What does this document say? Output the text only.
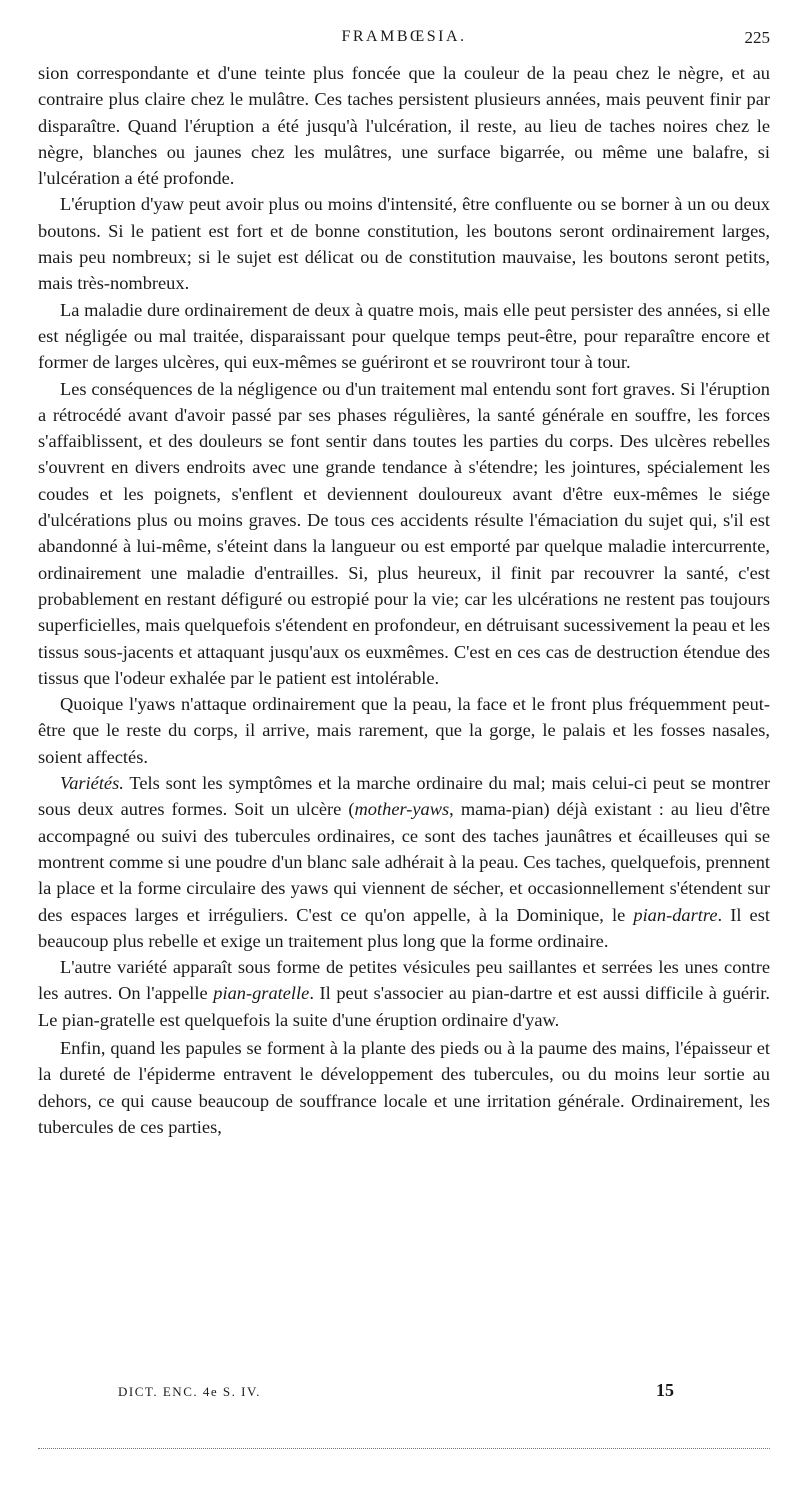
FRAMBŒSIA.	225

sion correspondante et d'une teinte plus foncée que la couleur de la peau chez le nègre, et au contraire plus claire chez le mulâtre. Ces taches persistent plusieurs années, mais peuvent finir par disparaître. Quand l'éruption a été jusqu'à l'ulcération, il reste, au lieu de taches noires chez le nègre, blanches ou jaunes chez les mulâtres, une surface bigarrée, ou même une balafre, si l'ulcération a été profonde.

L'éruption d'yaw peut avoir plus ou moins d'intensité, être confluente ou se borner à un ou deux boutons. Si le patient est fort et de bonne constitution, les boutons seront ordinairement larges, mais peu nombreux; si le sujet est délicat ou de constitution mauvaise, les boutons seront petits, mais très-nombreux.

La maladie dure ordinairement de deux à quatre mois, mais elle peut persister des années, si elle est négligée ou mal traitée, disparaissant pour quelque temps peut-être, pour reparaître encore et former de larges ulcères, qui eux-mêmes se guériront et se rouvriront tour à tour.

Les conséquences de la négligence ou d'un traitement mal entendu sont fort graves. Si l'éruption a rétrocédé avant d'avoir passé par ses phases régulières, la santé générale en souffre, les forces s'affaiblissent, et des douleurs se font sentir dans toutes les parties du corps. Des ulcères rebelles s'ouvrent en divers endroits avec une grande tendance à s'étendre; les jointures, spécialement les coudes et les poignets, s'enflent et deviennent douloureux avant d'être eux-mêmes le siége d'ulcérations plus ou moins graves. De tous ces accidents résulte l'émaciation du sujet qui, s'il est abandonné à lui-même, s'éteint dans la langueur ou est emporté par quelque maladie intercurrente, ordinairement une maladie d'entrailles. Si, plus heureux, il finit par recouvrer la santé, c'est probablement en restant défiguré ou estropié pour la vie; car les ulcérations ne restent pas toujours superficielles, mais quelquefois s'étendent en profondeur, en détruisant sucessivement la peau et les tissus sous-jacents et attaquant jusqu'aux os euxmêmes. C'est en ces cas de destruction étendue des tissus que l'odeur exhalée par le patient est intolérable.

Quoique l'yaws n'attaque ordinairement que la peau, la face et le front plus fréquemment peut-être que le reste du corps, il arrive, mais rarement, que la gorge, le palais et les fosses nasales, soient affectés.

Variétés. Tels sont les symptômes et la marche ordinaire du mal; mais celui-ci peut se montrer sous deux autres formes. Soit un ulcère (mother-yaws, mama-pian) déjà existant : au lieu d'être accompagné ou suivi des tubercules ordinaires, ce sont des taches jaunâtres et écailleuses qui se montrent comme si une poudre d'un blanc sale adhérait à la peau. Ces taches, quelquefois, prennent la place et la forme circulaire des yaws qui viennent de sécher, et occasionnellement s'étendent sur des espaces larges et irréguliers. C'est ce qu'on appelle, à la Dominique, le pian-dartre. Il est beaucoup plus rebelle et exige un traitement plus long que la forme ordinaire.

L'autre variété apparaît sous forme de petites vésicules peu saillantes et serrées les unes contre les autres. On l'appelle pian-gratelle. Il peut s'associer au pian-dartre et est aussi difficile à guérir. Le pian-gratelle est quelquefois la suite d'une éruption ordinaire d'yaw.

Enfin, quand les papules se forment à la plante des pieds ou à la paume des mains, l'épaisseur et la dureté de l'épiderme entravent le développement des tubercules, ou du moins leur sortie au dehors, ce qui cause beaucoup de souffrance locale et une irritation générale. Ordinairement, les tubercules de ces parties,

DICT. ENC. 4e S. IV.	15
